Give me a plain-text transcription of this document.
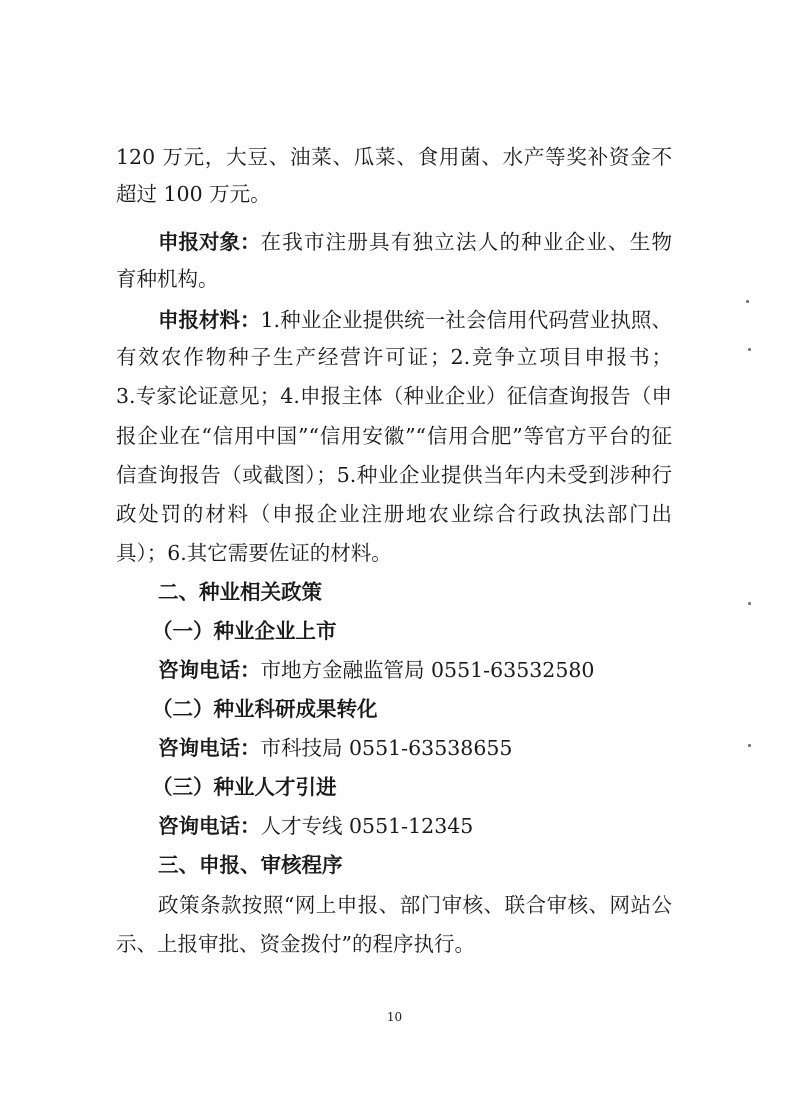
120 万元，大豆、油菜、瓜菜、食用菌、水产等奖补资金不
超过 100 万元。
申报对象： 在我市注册具有独立法人的种业企业、生物
育种机构。
申报材料： 1.种业企业提供统一社会信用代码营业执照、
有效农作物种子生产经营许可证；2.竞争立项目申报书；
3.专家论证意见；4.申报主体（种业企业）征信查询报告（申
报企业在“信用中国”“信用安徽”“信用合肥”等官方平台的征
信查询报告（或截图）；5.种业企业提供当年内未受到涉种行
政处罚的材料（申报企业注册地农业综合行政执法部门出
具）；6.其它需要佐证的材料。
二、种业相关政策
（一）种业企业上市
咨询电话：市地方金融监管局 0551-63532580
（二）种业科研成果转化
咨询电话：市科技局 0551-63538655
（三）种业人才引进
咨询电话：人才专线 0551-12345
三、申报、审核程序
政策条款按照“网上申报、部门审核、联合审核、网站公
示、上报审批、资金拨付”的程序执行。
10
